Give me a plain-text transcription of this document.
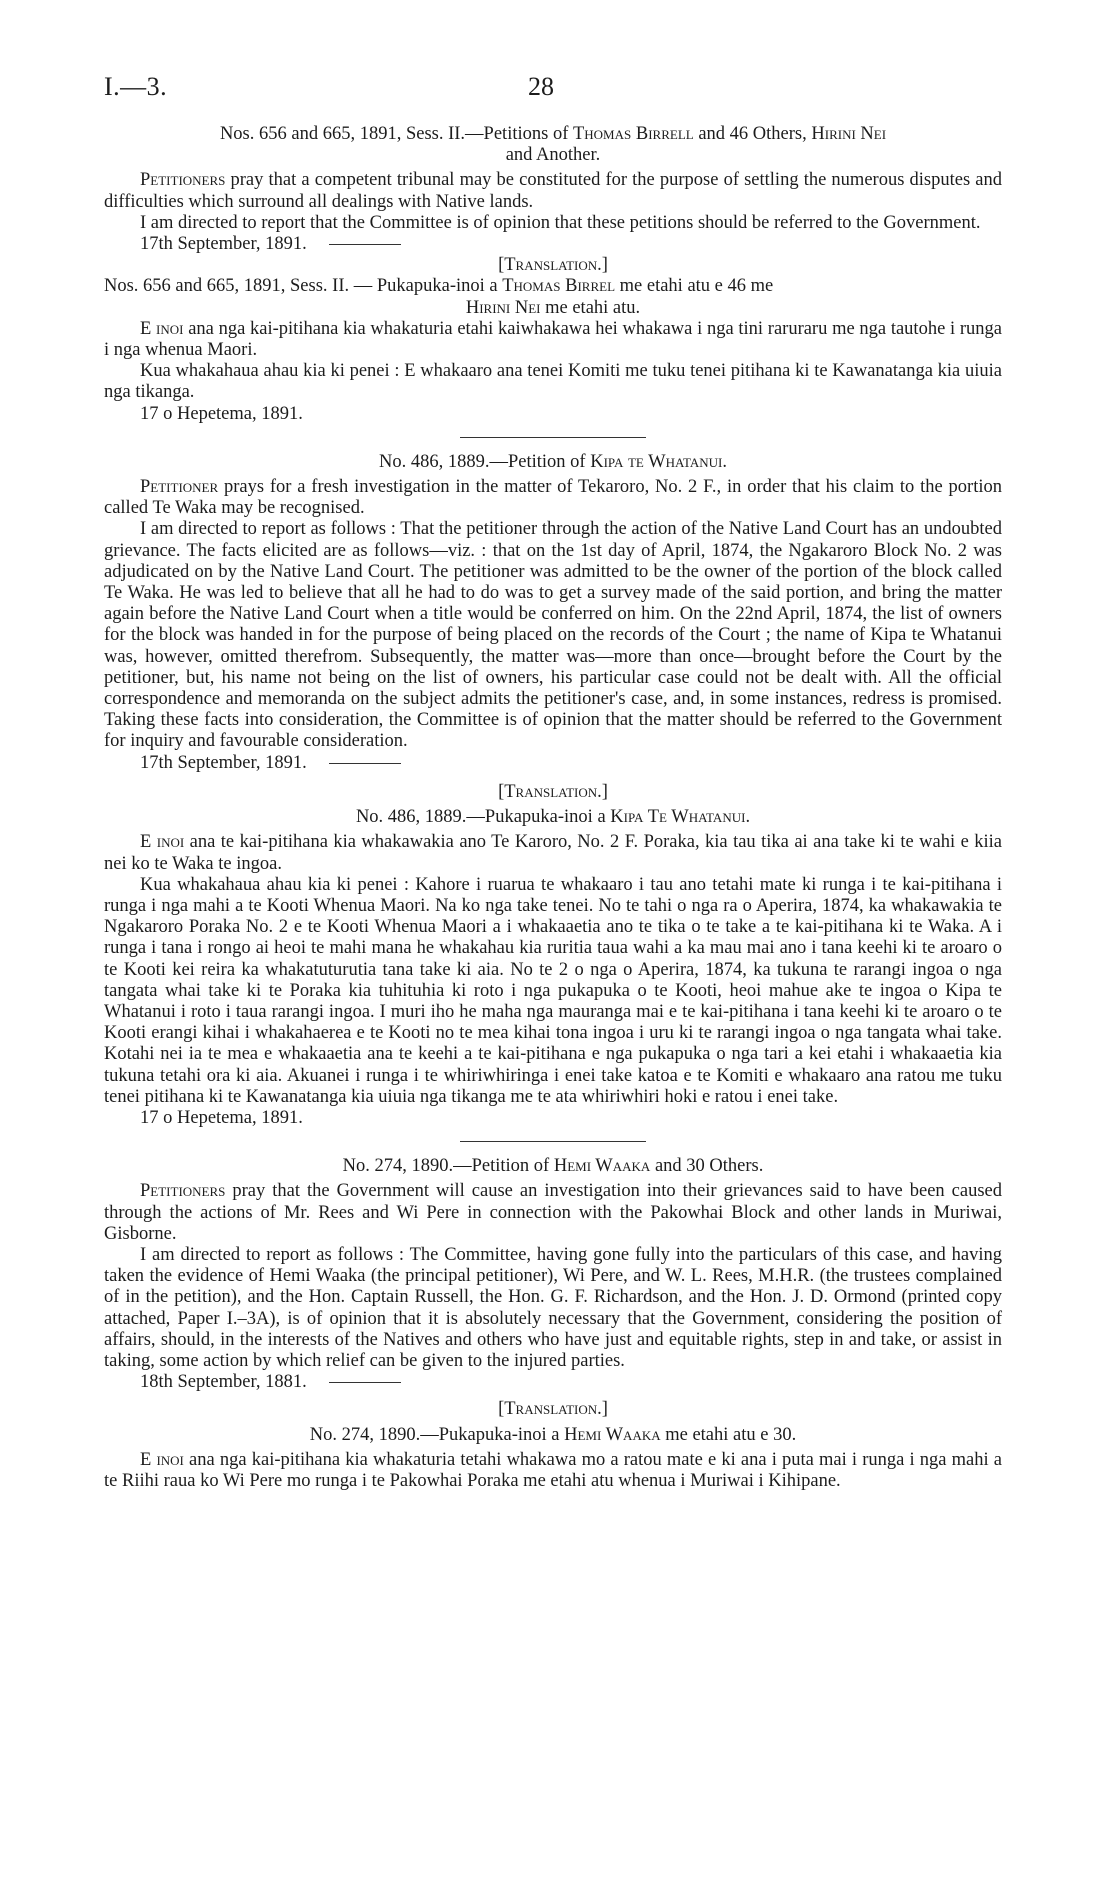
I.—3.	28

Nos. 656 and 665, 1891, Sess. II.—Petitions of Thomas Birrell and 46 Others, Hirini Nei

and Another.

Petitioners pray that a competent tribunal may be constituted for the purpose of settling the numerous disputes and difficulties which surround all dealings with Native lands.

I am directed to report that the Committee is of opinion that these petitions should be referred to the Government.

17th September, 1891.

[Translation.]

Nos. 656 and 665, 1891, Sess. II. — Pukapuka-inoi a Thomas Birrel me etahi atu e 46 me

Hirini Nei me etahi atu.

E inoi ana nga kai-pitihana kia whakaturia etahi kaiwhakawa hei whakawa i nga tini raruraru me nga tautohe i runga i nga whenua Maori.

Kua whakahaua ahau kia ki penei : E whakaaro ana tenei Komiti me tuku tenei pitihana ki te Kawanatanga kia uiuia nga tikanga.

17 o Hepetema, 1891.

No. 486, 1889.—Petition of Kipa te Whatanui.

Petitioner prays for a fresh investigation in the matter of Tekaroro, No. 2 F., in order that his claim to the portion called Te Waka may be recognised.

I am directed to report as follows : That the petitioner through the action of the Native Land Court has an undoubted grievance. The facts elicited are as follows—viz. : that on the 1st day of April, 1874, the Ngakaroro Block No. 2 was adjudicated on by the Native Land Court. The petitioner was admitted to be the owner of the portion of the block called Te Waka. He was led to believe that all he had to do was to get a survey made of the said portion, and bring the matter again before the Native Land Court when a title would be conferred on him. On the 22nd April, 1874, the list of owners for the block was handed in for the purpose of being placed on the records of the Court ; the name of Kipa te Whatanui was, however, omitted therefrom. Subsequently, the matter was—more than once—brought before the Court by the petitioner, but, his name not being on the list of owners, his particular case could not be dealt with. All the official correspondence and memoranda on the subject admits the petitioner's case, and, in some instances, redress is promised. Taking these facts into consideration, the Committee is of opinion that the matter should be referred to the Government for inquiry and favourable consideration.

17th September, 1891.

[Translation.]

No. 486, 1889.—Pukapuka-inoi a Kipa Te Whatanui.

E inoi ana te kai-pitihana kia whakawakia ano Te Karoro, No. 2 F. Poraka, kia tau tika ai ana take ki te wahi e kiia nei ko te Waka te ingoa.

Kua whakahaua ahau kia ki penei : Kahore i ruarua te whakaaro i tau ano tetahi mate ki runga i te kai-pitihana i runga i nga mahi a te Kooti Whenua Maori. Na ko nga take tenei. No te tahi o nga ra o Aperira, 1874, ka whakawakia te Ngakaroro Poraka No. 2 e te Kooti Whenua Maori a i whakaaetia ano te tika o te take a te kai-pitihana ki te Waka. A i runga i tana i rongo ai heoi te mahi mana he whakahau kia ruritia taua wahi a ka mau mai ano i tana keehi ki te aroaro o te Kooti kei reira ka whakatuturutia tana take ki aia. No te 2 o nga o Aperira, 1874, ka tukuna te rarangi ingoa o nga tangata whai take ki te Poraka kia tuhituhia ki roto i nga pukapuka o te Kooti, heoi mahue ake te ingoa o Kipa te Whatanui i roto i taua rarangi ingoa. I muri iho he maha nga mauranga mai e te kai-pitihana i tana keehi ki te aroaro o te Kooti erangi kihai i whakahaerea e te Kooti no te mea kihai tona ingoa i uru ki te rarangi ingoa o nga tangata whai take. Kotahi nei ia te mea e whakaaetia ana te keehi a te kai-pitihana e nga pukapuka o nga tari a kei etahi i whakaaetia kia tukuna tetahi ora ki aia. Akuanei i runga i te whiriwhiringa i enei take katoa e te Komiti e whakaaro ana ratou me tuku tenei pitihana ki te Kawanatanga kia uiuia nga tikanga me te ata whiriwhiri hoki e ratou i enei take.

17 o Hepetema, 1891.

No. 274, 1890.—Petition of Hemi Waaka and 30 Others.

Petitioners pray that the Government will cause an investigation into their grievances said to have been caused through the actions of Mr. Rees and Wi Pere in connection with the Pakowhai Block and other lands in Muriwai, Gisborne.

I am directed to report as follows : The Committee, having gone fully into the particulars of this case, and having taken the evidence of Hemi Waaka (the principal petitioner), Wi Pere, and W. L. Rees, M.H.R. (the trustees complained of in the petition), and the Hon. Captain Russell, the Hon. G. F. Richardson, and the Hon. J. D. Ormond (printed copy attached, Paper I.–3A), is of opinion that it is absolutely necessary that the Government, considering the position of affairs, should, in the interests of the Natives and others who have just and equitable rights, step in and take, or assist in taking, some action by which relief can be given to the injured parties.

18th September, 1881.

[Translation.]

No. 274, 1890.—Pukapuka-inoi a Hemi Waaka me etahi atu e 30.

E inoi ana nga kai-pitihana kia whakaturia tetahi whakawa mo a ratou mate e ki ana i puta mai i runga i nga mahi a te Riihi raua ko Wi Pere mo runga i te Pakowhai Poraka me etahi atu whenua i Muriwai i Kihipane.
